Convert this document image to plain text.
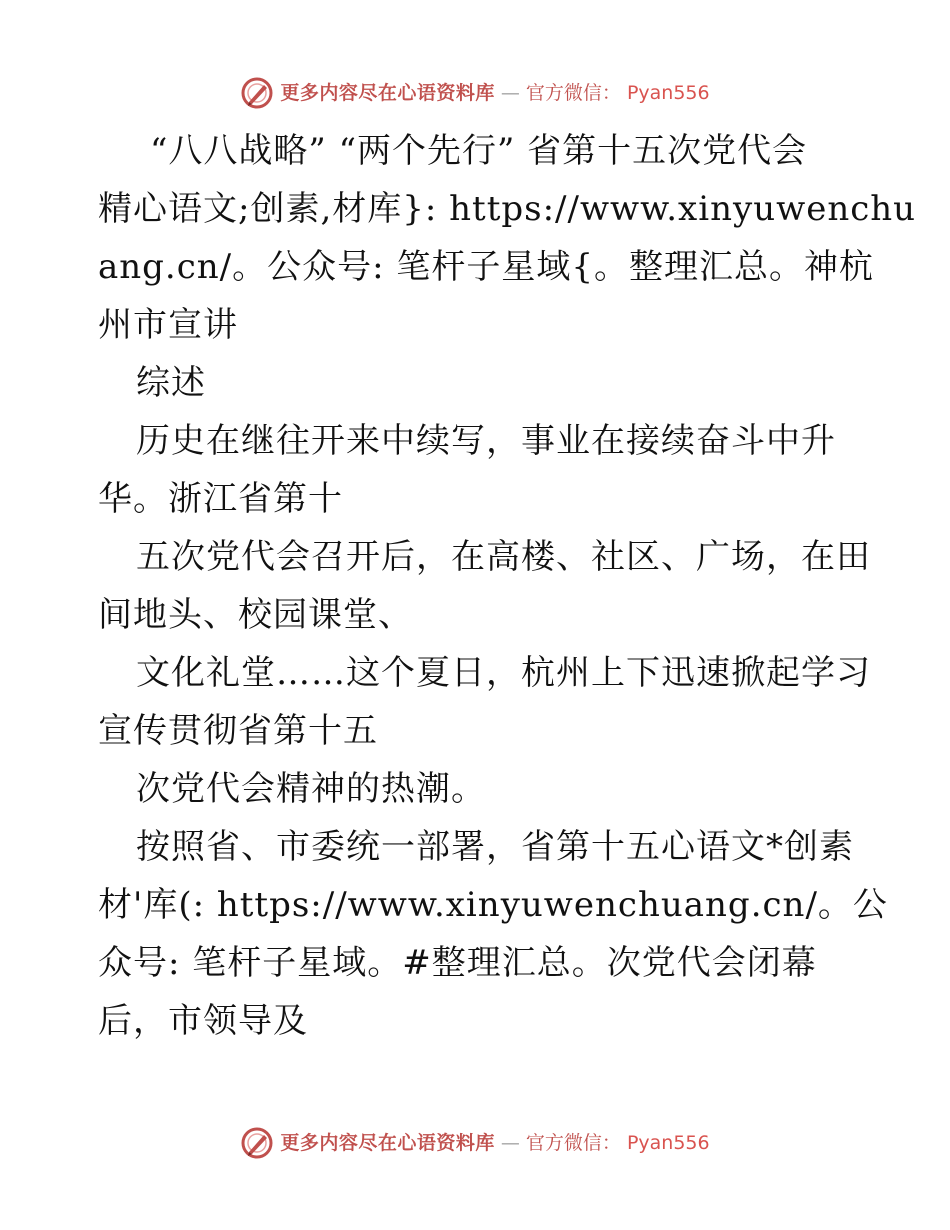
更多内容尽在心语资料库 — 官方微信： Pyan556
“八八战略” “两个先行” 省第十五次党代会
精心语文;创素,材库}: https://www.xinyuwenchu
ang.cn/。公众号: 笔杆子星域{。整理汇总。神杭
州市宣讲
综述
历史在继往开来中续写，事业在接续奋斗中升
华。浙江省第十
五次党代会召开后，在高楼、社区、广场，在田
间地头、校园课堂、
文化礼堂……这个夏日，杭州上下迅速掀起学习
宣传贯彻省第十五
次党代会精神的热潮。
按照省、市委统一部署，省第十五心语文*创素
材'库(: https://www.xinyuwenchuang.cn/。公
众号: 笔杆子星域。#整理汇总。次党代会闭幕
后，市领导及
更多内容尽在心语资料库 — 官方微信： Pyan556
